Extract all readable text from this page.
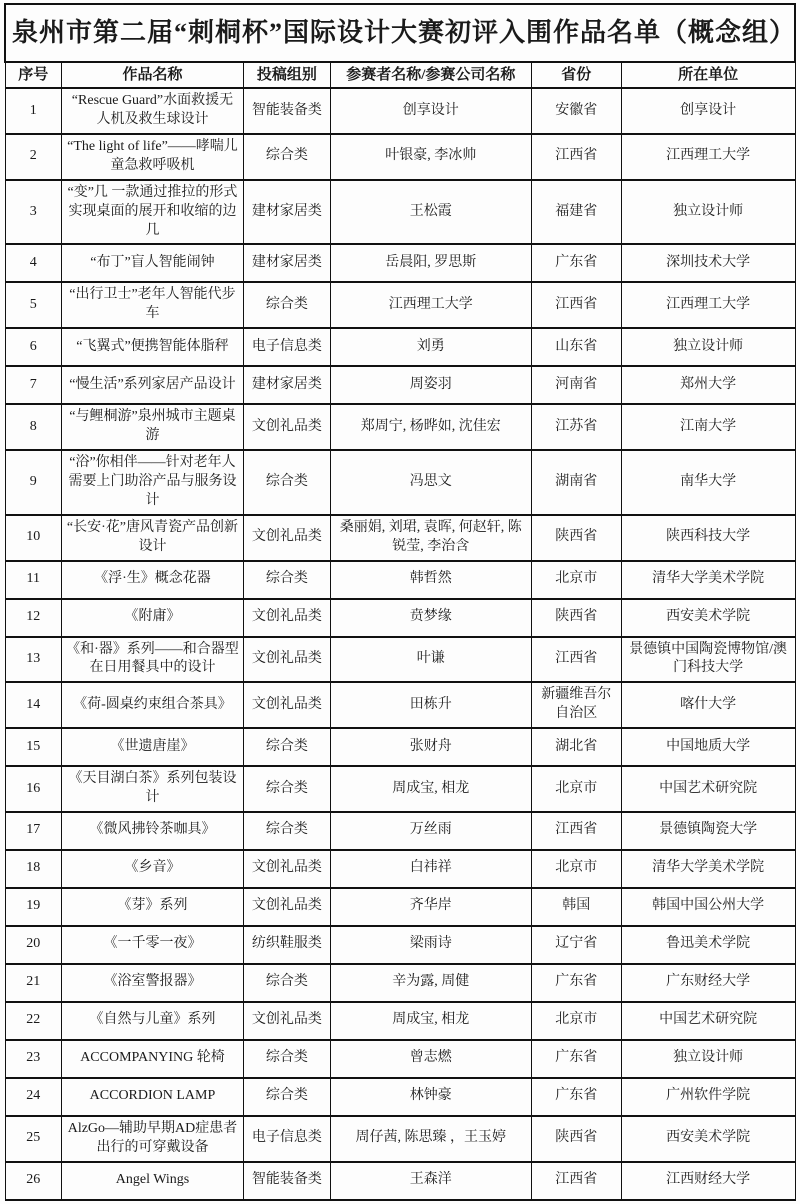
泉州市第二届“刺桐杯”国际设计大赛初评入围作品名单（概念组）					
序号	作品名称	投稿组别	参赛者名称/参赛公司名称	省份	所在单位
1	“Rescue Guard”水面救援无人机及救生球设计	智能装备类	创享设计	安徽省	创享设计
2	“The light of life”——哮喘儿童急救呼吸机	综合类	叶银豪, 李冰帅	江西省	江西理工大学
3	“变”几 一款通过推拉的形式实现桌面的展开和收缩的边几	建材家居类	王松霞	福建省	独立设计师
4	“布丁”盲人智能闹钟	建材家居类	岳晨阳, 罗思斯	广东省	深圳技术大学
5	“出行卫士”老年人智能代步车	综合类	江西理工大学	江西省	江西理工大学
6	“飞翼式”便携智能体脂秤	电子信息类	刘勇	山东省	独立设计师
7	“慢生活”系列家居产品设计	建材家居类	周姿羽	河南省	郑州大学
8	“与鲤桐游”泉州城市主题桌游	文创礼品类	郑周宁, 杨晔如, 沈佳宏	江苏省	江南大学
9	“浴”你相伴——针对老年人需要上门助浴产品与服务设计	综合类	冯思文	湖南省	南华大学
10	“长安·花”唐风青瓷产品创新设计	文创礼品类	桑丽娟, 刘珺, 袁晖, 何赵轩, 陈锐莹, 李治含	陕西省	陕西科技大学
11	《浮·生》概念花器	综合类	韩哲然	北京市	清华大学美术学院
12	《附庸》	文创礼品类	贲梦缘	陕西省	西安美术学院
13	《和·器》系列——和合器型在日用餐具中的设计	文创礼品类	叶谦	江西省	景德镇中国陶瓷博物馆/澳门科技大学
14	《荷-圆桌约束组合茶具》	文创礼品类	田栋升	新疆维吾尔自治区	喀什大学
15	《世遗唐崖》	综合类	张财舟	湖北省	中国地质大学
16	《天目湖白茶》系列包装设计	综合类	周成宝, 相龙	北京市	中国艺术研究院
17	《微风拂铃茶咖具》	综合类	万丝雨	江西省	景德镇陶瓷大学
18	《乡音》	文创礼品类	白祎祥	北京市	清华大学美术学院
19	《芽》系列	文创礼品类	齐华岸	韩国	韩国中国公州大学
20	《一千零一夜》	纺织鞋服类	梁雨诗	辽宁省	鲁迅美术学院
21	《浴室警报器》	综合类	辛为露, 周健	广东省	广东财经大学
22	《自然与儿童》系列	文创礼品类	周成宝, 相龙	北京市	中国艺术研究院
23	ACCOMPANYING 轮椅	综合类	曾志燃	广东省	独立设计师
24	ACCORDION LAMP	综合类	林钟豪	广东省	广州软件学院
25	AlzGo—辅助早期AD症患者出行的可穿戴设备	电子信息类	周仔茜, 陈思臻 ，王玉婷	陕西省	西安美术学院
26	Angel Wings	智能装备类	王森洋	江西省	江西财经大学
